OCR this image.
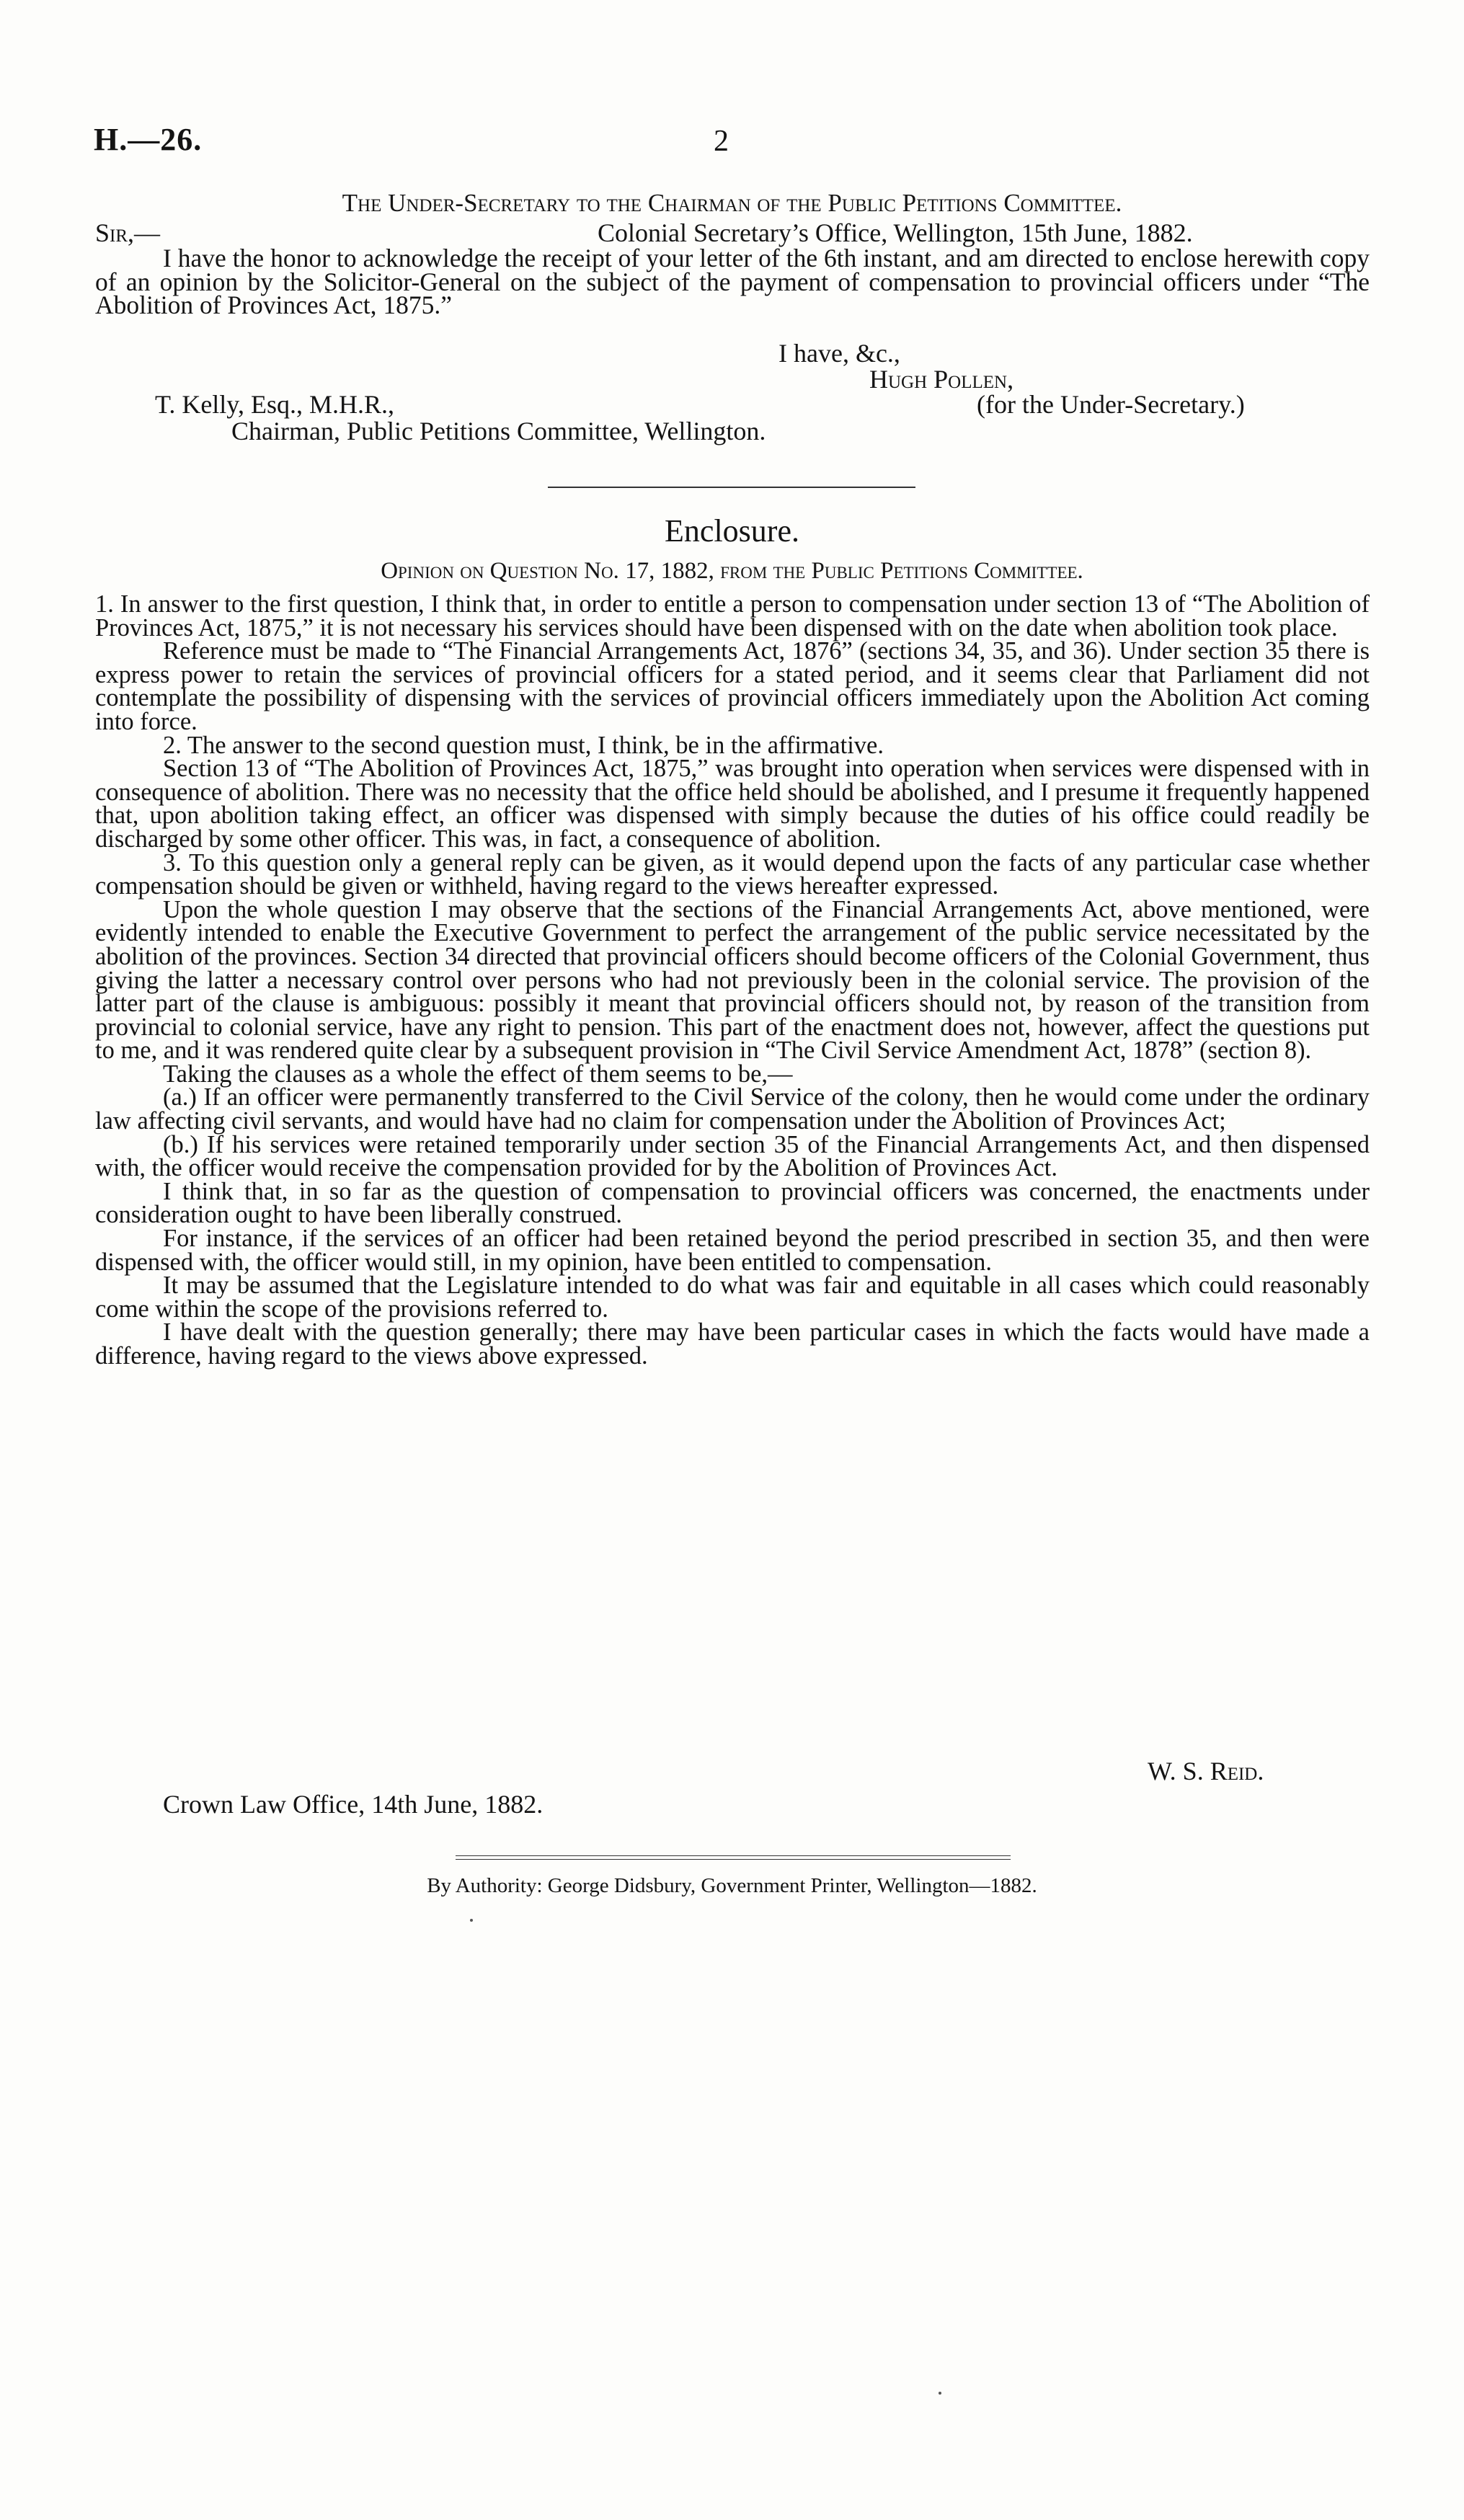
H.—26.	2
The Under-Secretary to the Chairman of the Public Petitions Committee.
Sir,—	Colonial Secretary’s Office, Wellington, 15th June, 1882.

I have the honor to acknowledge the receipt of your letter of the 6th instant, and am directed to enclose herewith copy of an opinion by the Solicitor-General on the subject of the payment of compensation to provincial officers under “The Abolition of Provinces Act, 1875.”

I have, &c.,
Hugh Pollen,
T. Kelly, Esq., M.H.R.,	(for the Under-Secretary.)
Chairman, Public Petitions Committee, Wellington.
Enclosure.
Opinion on Question No. 17, 1882, from the Public Petitions Committee.

1. In answer to the first question, I think that, in order to entitle a person to compensation under section 13 of “The Abolition of Provinces Act, 1875,” it is not necessary his services should have been dispensed with on the date when abolition took place.

Reference must be made to “The Financial Arrangements Act, 1876” (sections 34, 35, and 36). Under section 35 there is express power to retain the services of provincial officers for a stated period, and it seems clear that Parliament did not contemplate the possibility of dispensing with the services of provincial officers immediately upon the Abolition Act coming into force.

2. The answer to the second question must, I think, be in the affirmative.

Section 13 of “The Abolition of Provinces Act, 1875,” was brought into operation when services were dispensed with in consequence of abolition. There was no necessity that the office held should be abolished, and I presume it frequently happened that, upon abolition taking effect, an officer was dispensed with simply because the duties of his office could readily be discharged by some other officer. This was, in fact, a consequence of abolition.

3. To this question only a general reply can be given, as it would depend upon the facts of any particular case whether compensation should be given or withheld, having regard to the views hereafter expressed.

Upon the whole question I may observe that the sections of the Financial Arrangements Act, above mentioned, were evidently intended to enable the Executive Government to perfect the arrangement of the public service necessitated by the abolition of the provinces. Section 34 directed that provincial officers should become officers of the Colonial Government, thus giving the latter a necessary control over persons who had not previously been in the colonial service. The provision of the latter part of the clause is ambiguous: possibly it meant that provincial officers should not, by reason of the transition from provincial to colonial service, have any right to pension. This part of the enactment does not, however, affect the questions put to me, and it was rendered quite clear by a subsequent provision in “The Civil Service Amendment Act, 1878” (section 8).

Taking the clauses as a whole the effect of them seems to be,—

(a.) If an officer were permanently transferred to the Civil Service of the colony, then he would come under the ordinary law affecting civil servants, and would have had no claim for compensation under the Abolition of Provinces Act;

(b.) If his services were retained temporarily under section 35 of the Financial Arrangements Act, and then dispensed with, the officer would receive the compensation provided for by the Abolition of Provinces Act.

I think that, in so far as the question of compensation to provincial officers was concerned, the enactments under consideration ought to have been liberally construed.

For instance, if the services of an officer had been retained beyond the period prescribed in section 35, and then were dispensed with, the officer would still, in my opinion, have been entitled to compensation.

It may be assumed that the Legislature intended to do what was fair and equitable in all cases which could reasonably come within the scope of the provisions referred to.

I have dealt with the question generally; there may have been particular cases in which the facts would have made a difference, having regard to the views above expressed.

W. S. Reid.
Crown Law Office, 14th June, 1882.
By Authority: George Didsbury, Government Printer, Wellington—1882.
